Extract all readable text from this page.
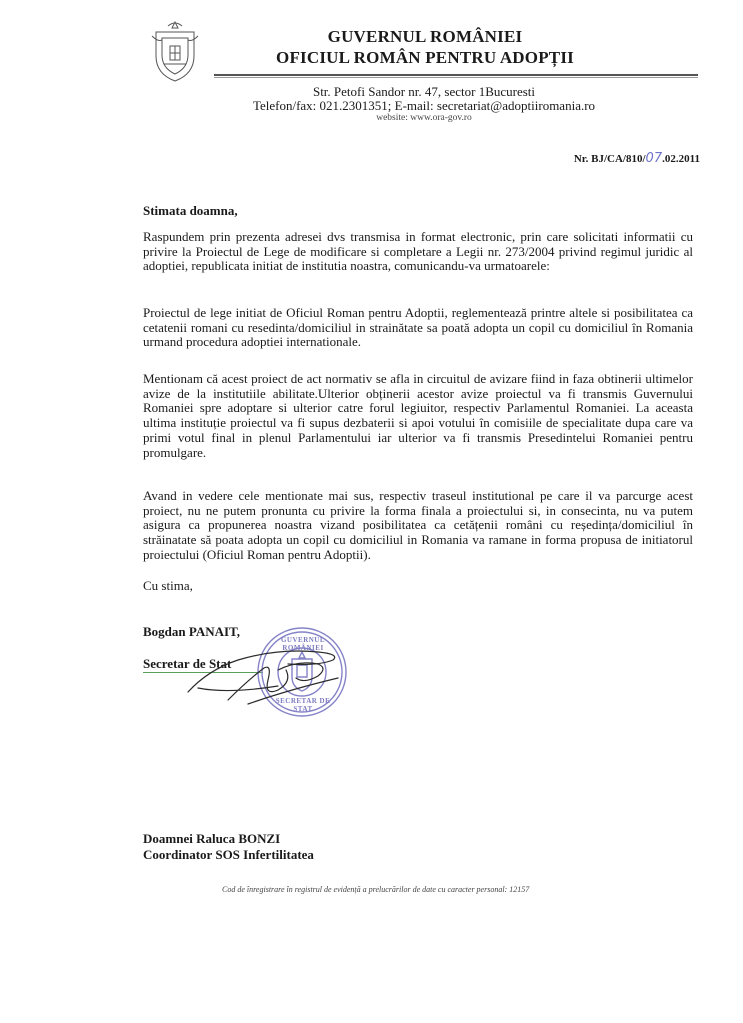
GUVERNUL ROMÂNIEI
OFICIUL ROMÂN PENTRU ADOPȚII
Str. Petofi Sandor nr. 47, sector 1Bucuresti
Telefon/fax: 021.2301351; E-mail: secretariat@adoptiiromania.ro
website: www.ora-gov.ro
Nr. BJ/CA/810/07.02.2011
Stimata doamna,
Raspundem prin prezenta adresei dvs transmisa in format electronic, prin care solicitati informatii cu privire la Proiectul de Lege de modificare si completare a Legii nr. 273/2004 privind regimul juridic al adoptiei, republicata initiat de institutia noastra, comunicandu-va urmatoarele:
Proiectul de lege initiat de Oficiul Roman pentru Adoptii, reglementează printre altele si posibilitatea ca cetatenii romani cu resedinta/domiciliul in strainătate sa poată adopta un copil cu domiciliul în Romania urmand procedura adoptiei internationale.
Mentionam că acest proiect de act normativ se afla in circuitul de avizare fiind in faza obtinerii ultimelor avize de la institutiile abilitate.Ulterior obținerii acestor avize proiectul va fi transmis Guvernului Romaniei spre adoptare si ulterior catre forul legiuitor, respectiv Parlamentul Romaniei. La aceasta ultima instituție proiectul va fi supus dezbaterii si apoi votului în comisiile de specialitate dupa care va primi votul final in plenul Parlamentului iar ulterior va fi transmis Presedintelui Romaniei pentru promulgare.
Avand in vedere cele mentionate mai sus, respectiv traseul institutional pe care il va parcurge acest proiect, nu ne putem pronunta cu privire la forma finala a proiectului si, in consecinta, nu va putem asigura ca propunerea noastra vizand posibilitatea ca cetățenii români cu reședința/domiciliul în străinatate să poata adopta un copil cu domiciliul in Romania va ramane in forma propusa de initiatorul proiectului (Oficiul Roman pentru Adoptii).
Cu stima,
Bogdan PANAIT,
Secretar de Stat
GUVERNUL ROMÂNIEI
SECRETAR DE STAT
Doamnei Raluca BONZI
Coordinator SOS Infertilitatea
Cod de înregistrare în registrul de evidență a prelucrărilor de date cu caracter personal: 12157
